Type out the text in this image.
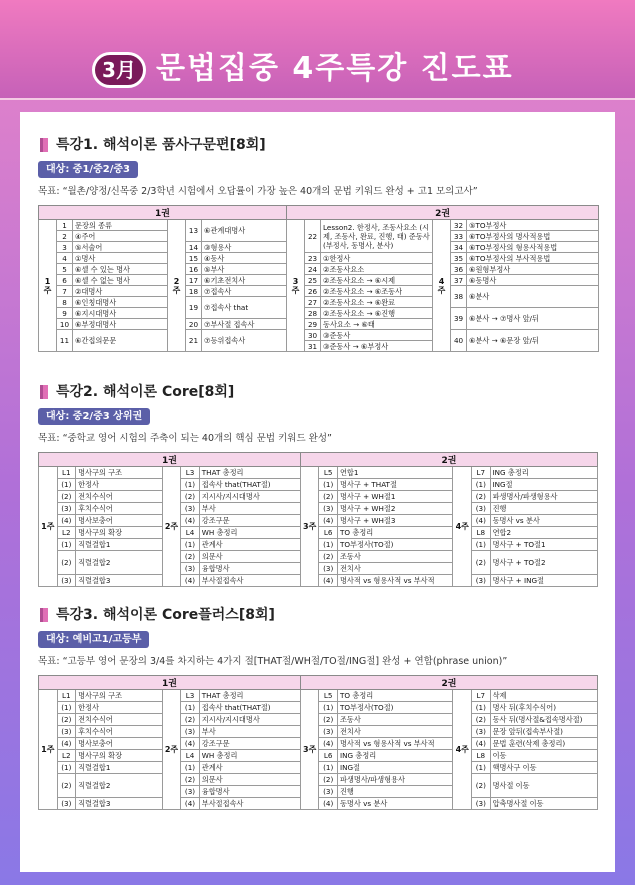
3月 문법집중 4주특강 진도표
특강1. 해석이론 품사구문편[8회]
대상: 중1/중2/중3
목표: “월촌/양정/신목중 2/3학년 시험에서 오답률이 가장 높은 40개의 문법 키워드 완성 + 고1 모의고사”
1권						2권					
1주	1	문장의 종류	2주	13	⑥관계대명사	3주	22	Lesson2. 한정사, 조동사요소 (시제, 조동사, 완료, 진행, 태) 준동사(부정사, 동명사, 분사)	4주	32	⑤TO부정사
	2	④주어								33	⑥TO부정사의 명사적용법
	3	⑤서술어		14	③형용사					34	⑥TO부정사의 형용사적용법
	4	①명사		15	④동사		23	①한정사		35	⑥TO부정사의 부사적용법
	5	⑥셀 수 있는 명사		16	⑤부사		24	②조동사요소		36	⑥원형부정사
	6	⑥셀 수 없는 명사		17	⑥기초전치사		25	②조동사요소 → ⑥시제		37	⑥동명사
	7	②대명사		18	⑦접속사		26	②조동사요소 → ⑥조동사		38	⑥분사
	8	⑥인칭대명사		19	⑦접속사 that		27	②조동사요소 → ⑥완료			
	9	⑥지시대명사					28	②조동사요소 → ⑥진행		39	⑥분사 → ⑦명사 앞/뒤
	10	⑥부정대명사		20	⑦부사절 접속사		29	동사요소 → ⑥태			
	11	⑥간접의문문		21	⑦등위접속사		30	③준동사		40	⑥분사 → ⑥문장 앞/뒤
							31	③준동사 → ⑥부정사			
특강2. 해석이론 Core[8회]
대상: 중2/중3 상위권
목표: “중학교 영어 시험의 주축이 되는 40개의 핵심 문법 키워드 완성”
1권						2권					
1주	L1	명사구의 구조	2주	L3	THAT 총정리	3주	L5	연합1	4주	L7	ING 총정리
	(1)	한정사		(1)	접속사 that(THAT절)		(1)	명사구 + THAT절		(1)	ING절
	(2)	전치수식어		(2)	지시사/지시대명사		(2)	명사구 + WH절1		(2)	파생명사/파생형용사
	(3)	후치수식어		(3)	부사		(3)	명사구 + WH절2		(3)	진행
	(4)	명사보충어		(4)	강조구문		(4)	명사구 + WH절3		(4)	동명사 vs 분사
	L2	명사구의 확장		L4	WH 총정리		L6	TO 총정리		L8	연합2
	(1)	직렬결합1		(1)	관계사		(1)	TO부정사(TO절)		(1)	명사구 + TO절1
	(2)	직렬결합2		(2)	의문사		(2)	조동사		(2)	명사구 + TO절2
				(3)	융합명사		(3)	전치사			
	(3)	직렬결합3		(4)	부사절접속사		(4)	명사적 vs 형용사적 vs 부사적		(3)	명사구 + ING절
특강3. 해석이론 Core플러스[8회]
대상: 예비고1/고등부
목표: “고등부 영어 문장의 3/4를 차지하는 4가지 절[THAT절/WH절/TO절/ING절] 완성 + 연합(phrase union)”
1권						2권					
1주	L1	명사구의 구조	2주	L3	THAT 총정리	3주	L5	TO 총정리	4주	L7	삭제
	(1)	한정사		(1)	접속사 that(THAT절)		(1)	TO부정사(TO절)		(1)	명사 뒤(후치수식어)
	(2)	전치수식어		(2)	지시사/지시대명사		(2)	조동사		(2)	동사 뒤(명사절&접속명사절)
	(3)	후치수식어		(3)	부사		(3)	전치사		(3)	문장 앞뒤(접속부사절)
	(4)	명사보충어		(4)	강조구문		(4)	명사적 vs 형용사적 vs 부사적		(4)	문법 훈련(삭제 총정리)
	L2	명사구의 확장		L4	WH 총정리		L6	ING 총정리		L8	이동
	(1)	직렬결합1		(1)	관계사		(1)	ING절		(1)	핵명사구 이동
	(2)	직렬결합2		(2)	의문사		(2)	파생명사/파생형용사		(2)	명사절 이동
				(3)	융합명사		(3)	진행			
	(3)	직렬결합3		(4)	부사절접속사		(4)	동명사 vs 분사		(3)	압축명사절 이동
